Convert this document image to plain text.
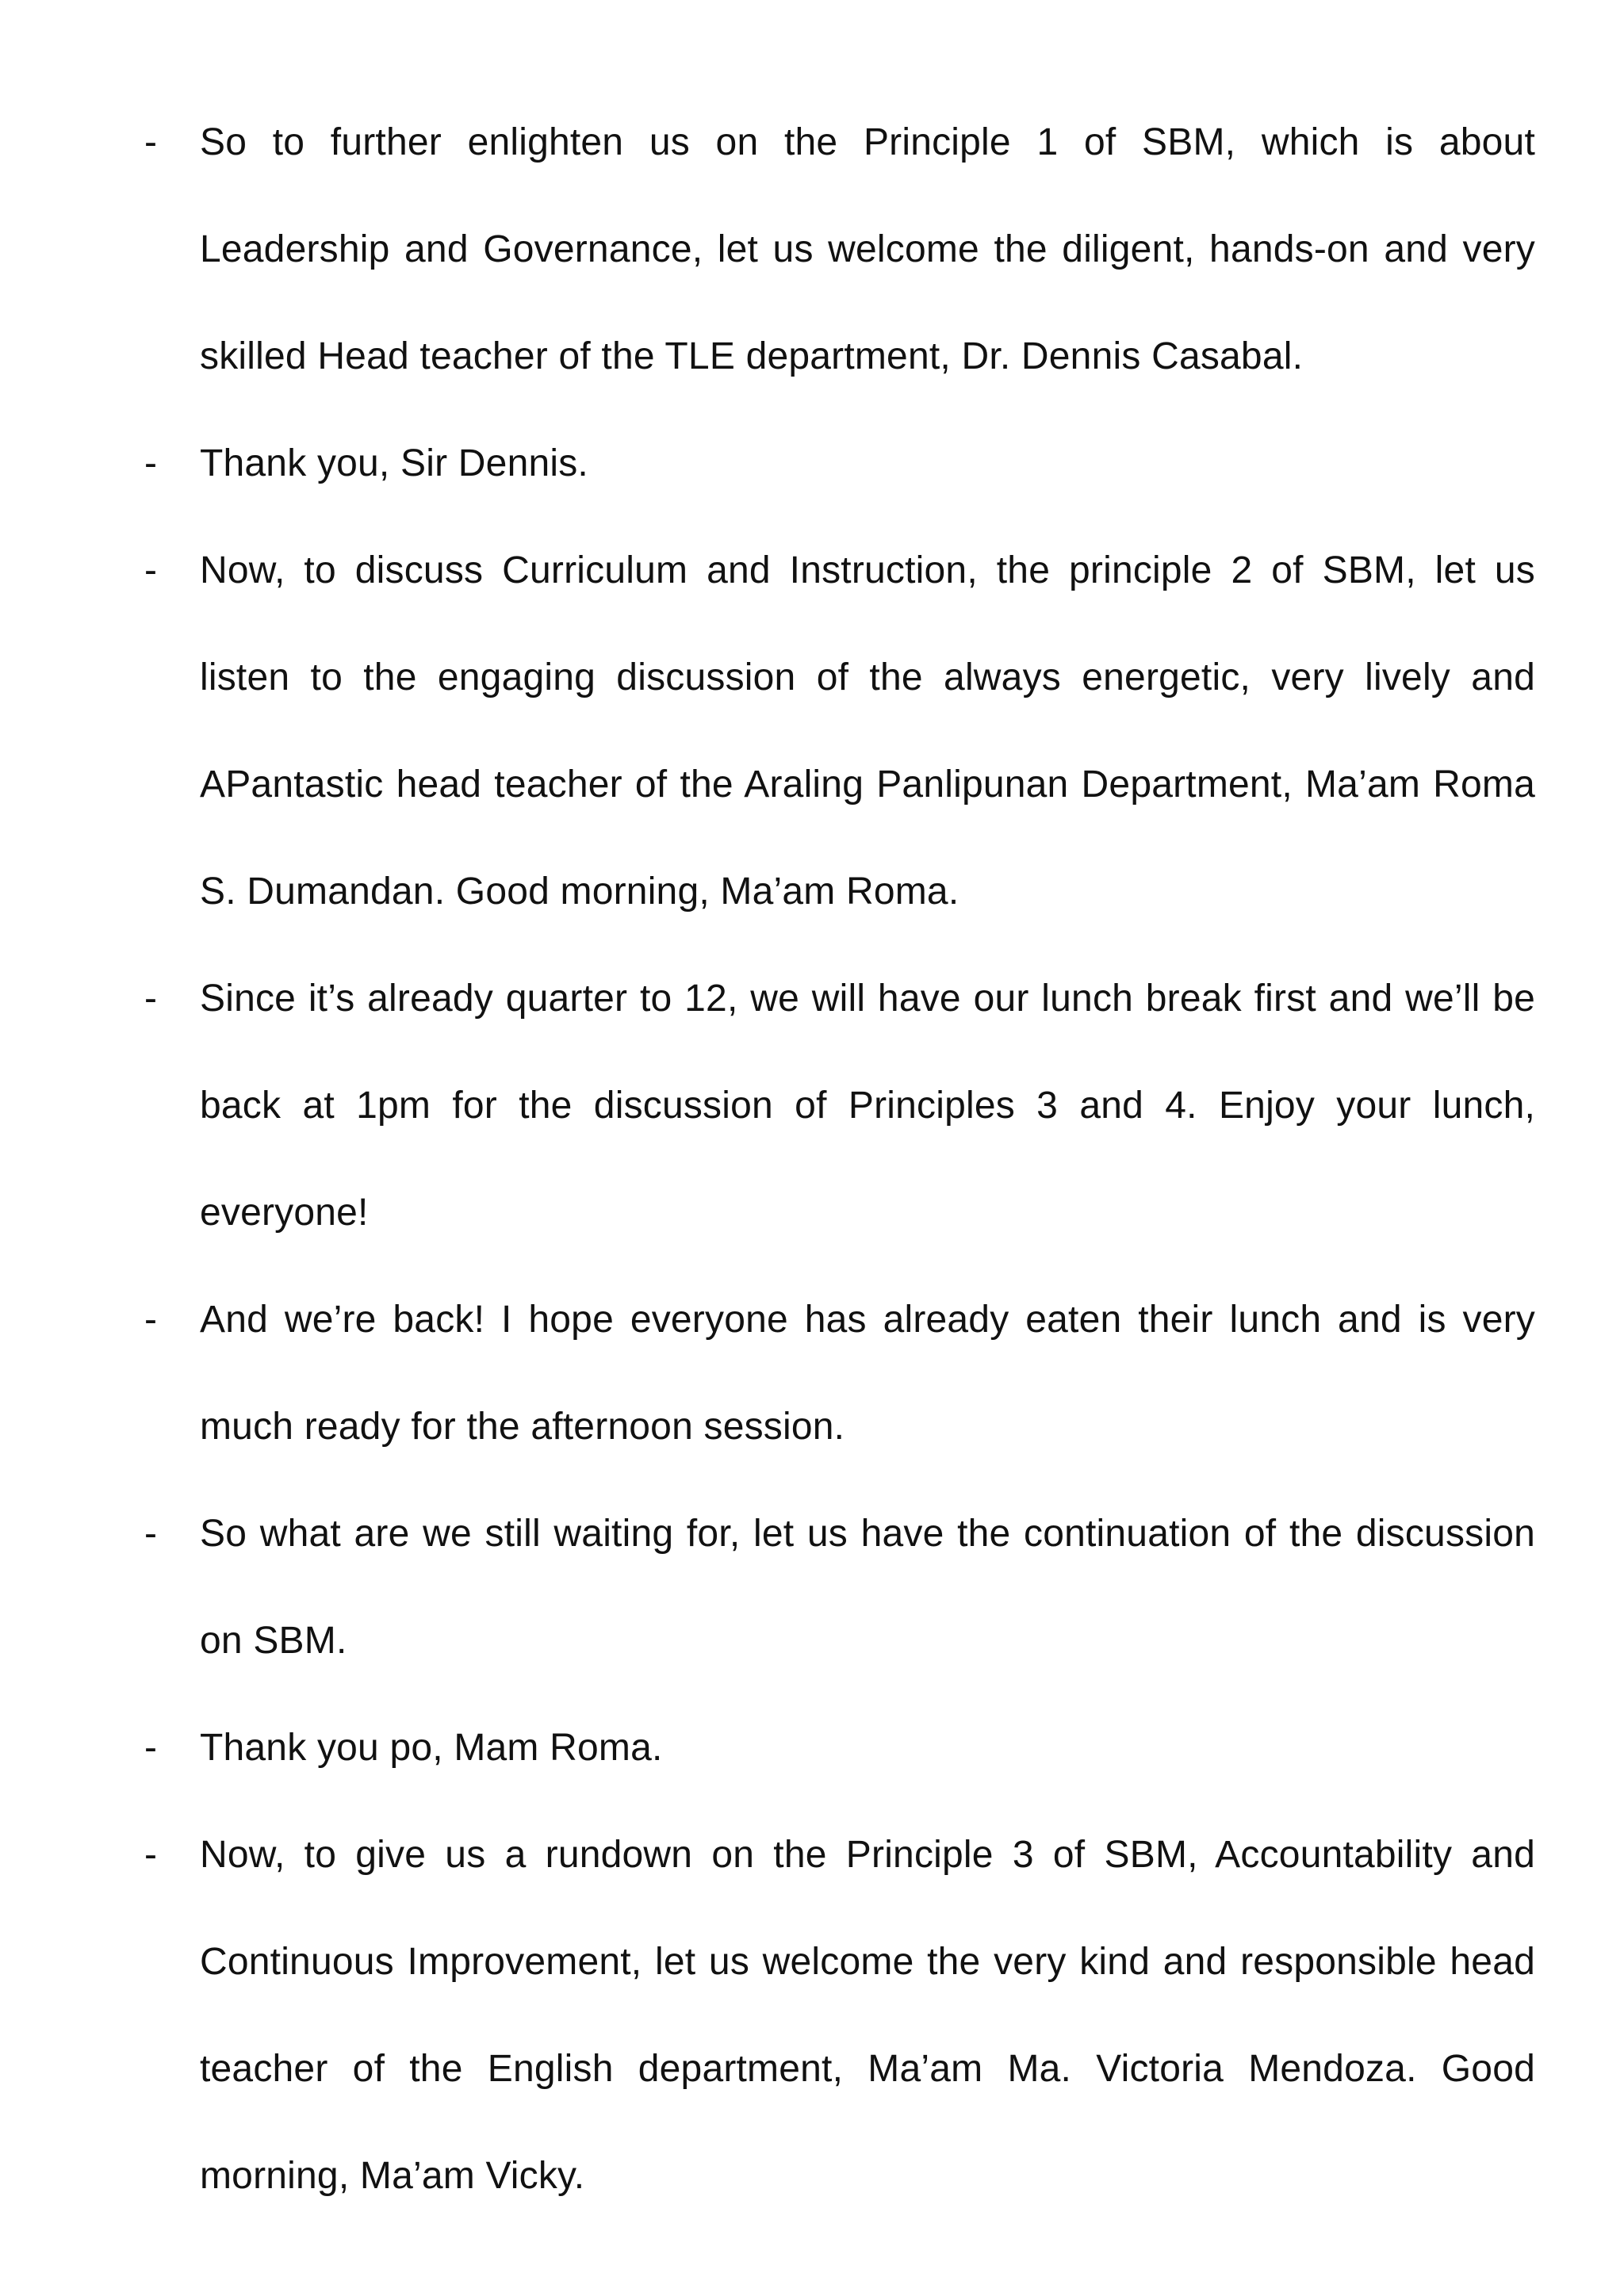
-	So to further enlighten us on the Principle 1 of SBM, which is about Leadership and Governance, let us welcome the diligent, hands-on and very skilled Head teacher of the TLE department, Dr. Dennis Casabal.
-	Thank you, Sir Dennis.
-	Now, to discuss Curriculum and Instruction, the principle 2 of SBM, let us listen to the engaging discussion of the always energetic, very lively and APantastic head teacher of the Araling Panlipunan Department, Ma’am Roma S. Dumandan. Good morning, Ma’am Roma.
-	Since it’s already quarter to 12, we will have our lunch break first and we’ll be back at 1pm for the discussion of Principles 3 and 4. Enjoy your lunch, everyone!
-	And we’re back! I hope everyone has already eaten their lunch and is very much ready for the afternoon session.
-	So what are we still waiting for, let us have the continuation of the discussion on SBM.
-	Thank you po, Mam Roma.
-	Now, to give us a rundown on the Principle 3 of SBM, Accountability and Continuous Improvement, let us welcome the very kind and responsible head teacher of the English department, Ma’am Ma. Victoria Mendoza. Good morning, Ma’am Vicky.
